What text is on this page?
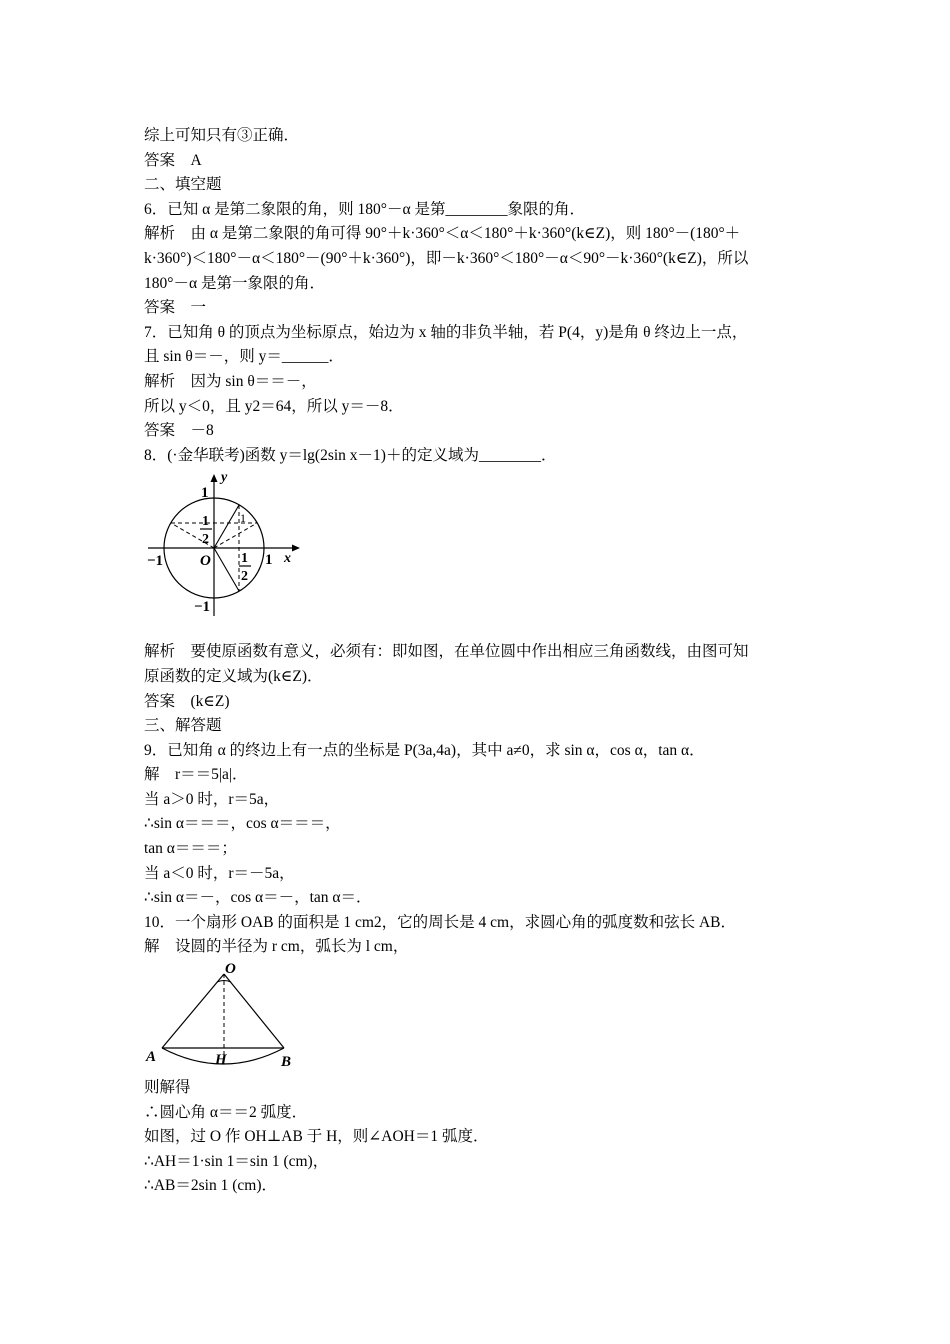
综上可知只有③正确．
答案　A
二、填空题
6．已知 α 是第二象限的角，则 180°－α 是第________象限的角．
解析　由 α 是第二象限的角可得 90°＋k·360°＜α＜180°＋k·360°(k∈Z)，则 180°－(180°＋
k·360°)＜180°－α＜180°－(90°＋k·360°)，即－k·360°＜180°－α＜90°－k·360°(k∈Z)，所以
180°－α 是第一象限的角．
答案　一
7．已知角 θ 的顶点为坐标原点，始边为 x 轴的非负半轴，若 P(4，y)是角 θ 终边上一点，
且 sin θ＝－，则 y＝______．
解析　因为 sin θ＝＝－，
所以 y＜0，且 y2＝64，所以 y＝－8．
答案　－8
8．(·金华联考)函数 y＝lg(2sin x－1)＋的定义域为________．
y
x
1
−1
−1	1
O
1
2
1
2
1
解析　要使原函数有意义，必须有：即如图，在单位圆中作出相应三角函数线，由图可知
原函数的定义域为(k∈Z)．
答案　(k∈Z)
三、解答题
9．已知角 α 的终边上有一点的坐标是 P(3a,4a)，其中 a≠0，求 sin α，cos α，tan α．
解　r＝＝5|a|．
当 a＞0 时，r＝5a，
∴sin α＝＝＝，cos α＝＝＝，
tan α＝＝＝；
当 a＜0 时，r＝－5a，
∴sin α＝－，cos α＝－，tan α＝．
10．一个扇形 OAB 的面积是 1 cm2，它的周长是 4 cm，求圆心角的弧度数和弦长 AB．
解　设圆的半径为 r cm，弧长为 l cm，
O
A	H	B
则解得
∴圆心角 α＝＝2 弧度．
如图，过 O 作 OH⊥AB 于 H，则∠AOH＝1 弧度．
∴AH＝1·sin 1＝sin 1 (cm)，
∴AB＝2sin 1 (cm)．
